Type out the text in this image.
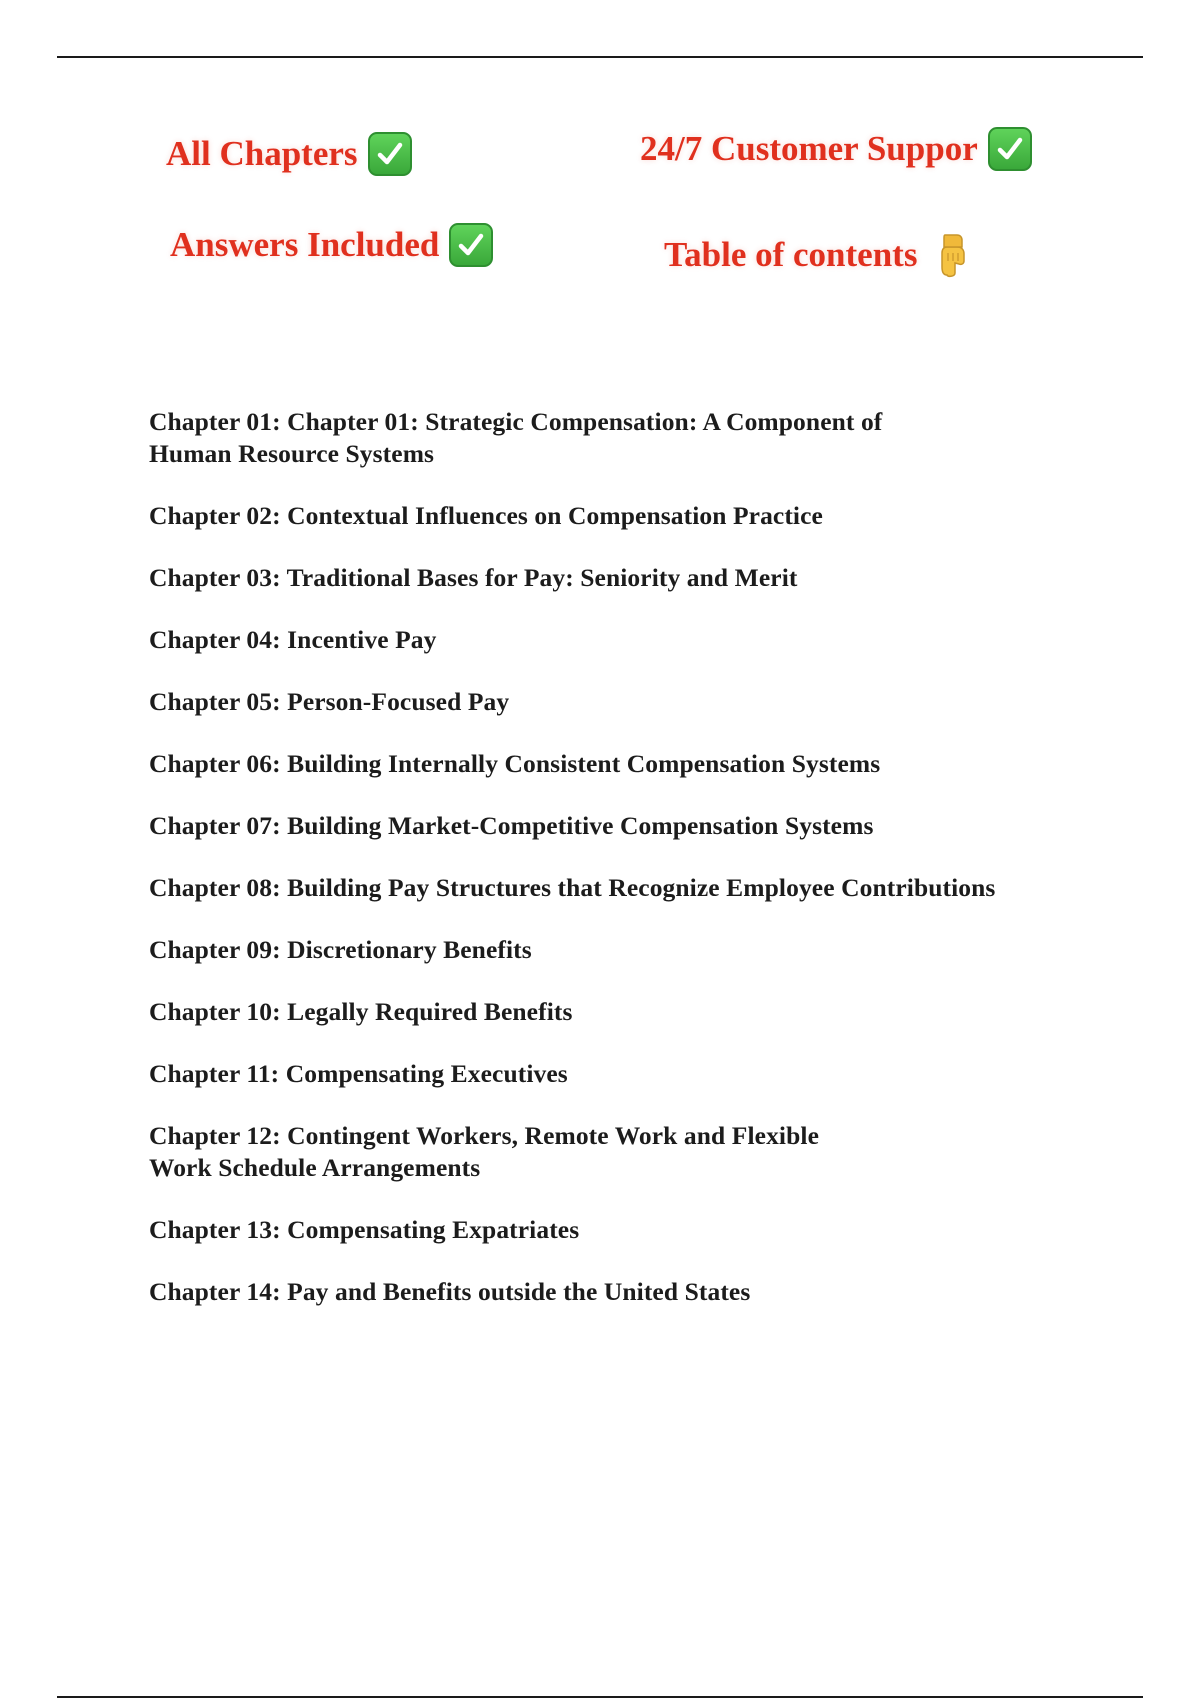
All Chapters	24/7 Customer Suppor
Answers Included	Table of contents
Chapter 01: Chapter 01: Strategic Compensation: A Component of
Human Resource Systems
Chapter 02: Contextual Influences on Compensation Practice
Chapter 03: Traditional Bases for Pay: Seniority and Merit
Chapter 04: Incentive Pay
Chapter 05: Person-Focused Pay
Chapter 06: Building Internally Consistent Compensation Systems
Chapter 07: Building Market-Competitive Compensation Systems
Chapter 08: Building Pay Structures that Recognize Employee Contributions
Chapter 09: Discretionary Benefits
Chapter 10: Legally Required Benefits
Chapter 11: Compensating Executives
Chapter 12: Contingent Workers, Remote Work and Flexible
Work Schedule Arrangements
Chapter 13: Compensating Expatriates
Chapter 14: Pay and Benefits outside the United States
